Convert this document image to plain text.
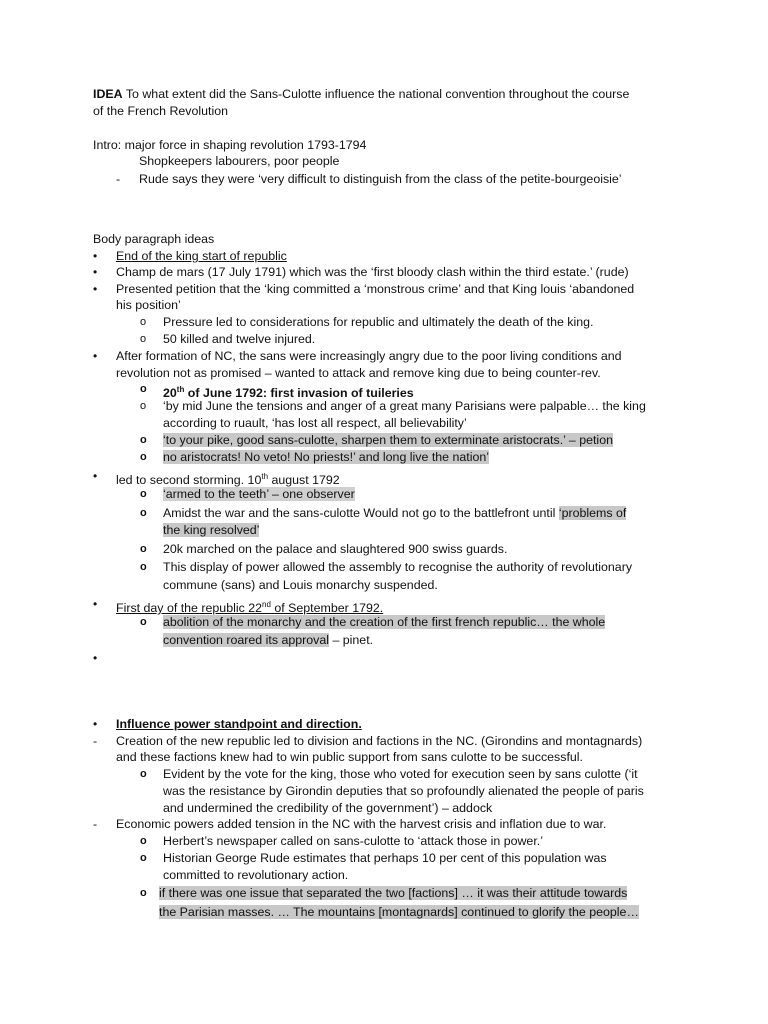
IDEA To what extent did the Sans-Culotte influence the national convention throughout the course
of the French Revolution
Intro: major force in shaping revolution 1793-1794
Shopkeepers labourers, poor people
- Rude says they were ‘very difficult to distinguish from the class of the petite-bourgeoisie’
Body paragraph ideas
• End of the king start of republic
• Champ de mars (17 July 1791) which was the ‘first bloody clash within the third estate.’ (rude)
• Presented petition that the ‘king committed a ‘monstrous crime’ and that King louis ‘abandoned
his position’
o Pressure led to considerations for republic and ultimately the death of the king.
o 50 killed and twelve injured.
• After formation of NC, the sans were increasingly angry due to the poor living conditions and
revolution not as promised – wanted to attack and remove king due to being counter-rev.
o 20th of June 1792: first invasion of tuileries
o ‘by mid June the tensions and anger of a great many Parisians were palpable… the king
according to ruault, ‘has lost all respect, all believability’
o ‘to your pike, good sans-culotte, sharpen them to exterminate aristocrats.’ – petion
o no aristocrats! No veto! No priests!’ and long live the nation’
• led to second storming. 10th august 1792
o ‘armed to the teeth’ – one observer
o Amidst the war and the sans-culotte Would not go to the battlefront until ‘problems of
the king resolved’
o 20k marched on the palace and slaughtered 900 swiss guards.
o This display of power allowed the assembly to recognise the authority of revolutionary
commune (sans) and Louis monarchy suspended.
• First day of the republic 22nd of September 1792.
o abolition of the monarchy and the creation of the first french republic… the whole
convention roared its approval – pinet.
•
• Influence power standpoint and direction.
- Creation of the new republic led to division and factions in the NC. (Girondins and montagnards)
and these factions knew had to win public support from sans culotte to be successful.
o Evident by the vote for the king, those who voted for execution seen by sans culotte (‘it
was the resistance by Girondin deputies that so profoundly alienated the people of paris
and undermined the credibility of the government’) – addock
- Economic powers added tension in the NC with the harvest crisis and inflation due to war.
o Herbert’s newspaper called on sans-culotte to ‘attack those in power.’
o Historian George Rude estimates that perhaps 10 per cent of this population was
committed to revolutionary action.
o if there was one issue that separated the two [factions] … it was their attitude towards
the Parisian masses. … The mountains [montagnards] continued to glorify the people…
